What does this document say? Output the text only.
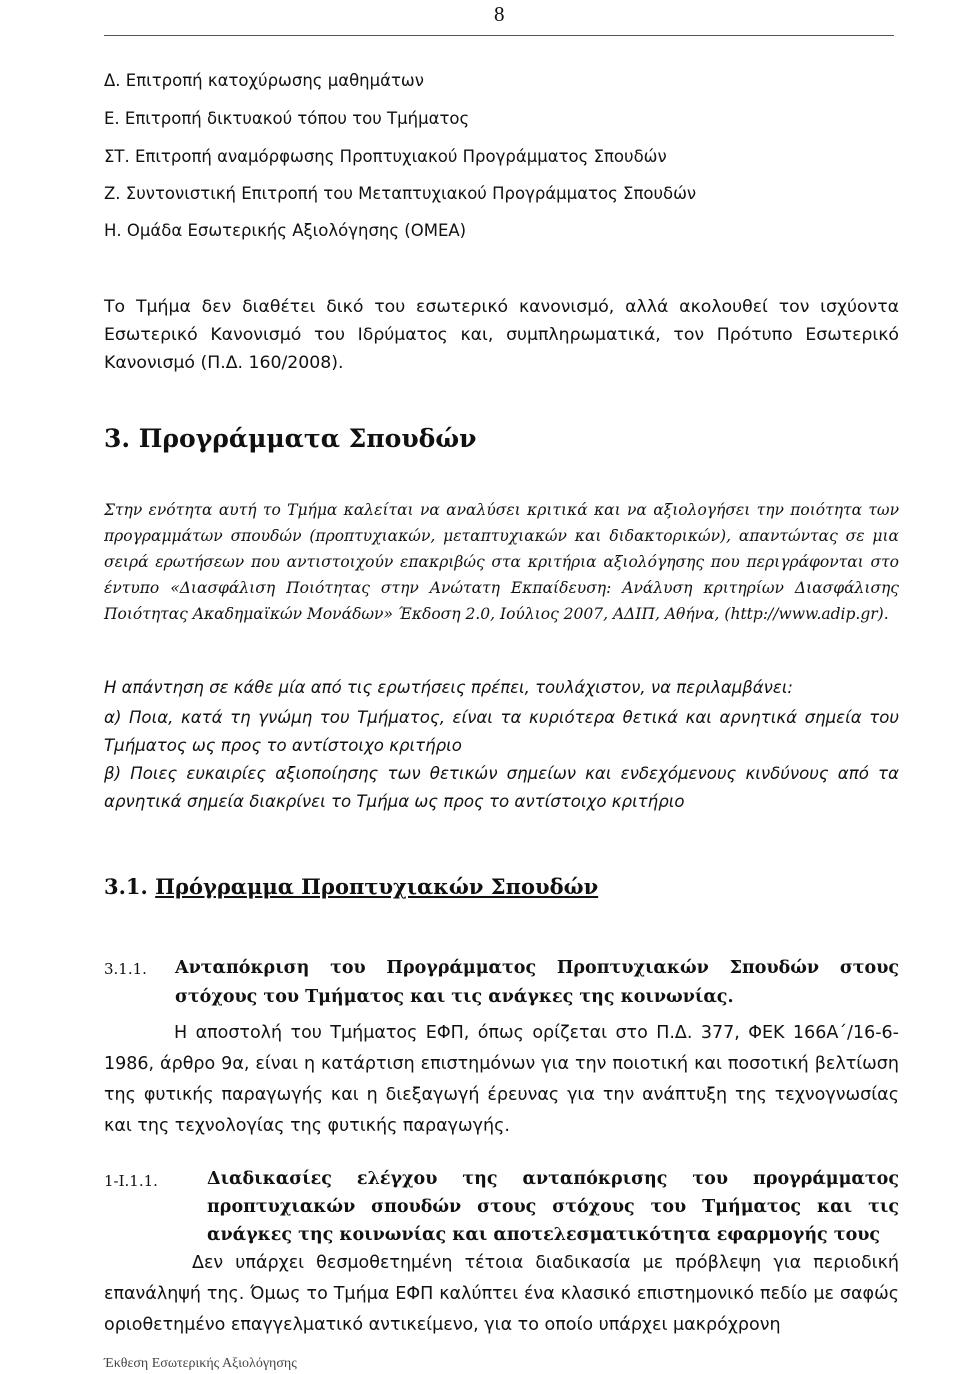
8
Δ. Επιτροπή κατοχύρωσης μαθημάτων
Ε. Επιτροπή δικτυακού τόπου του Τμήματος
ΣΤ. Επιτροπή αναμόρφωσης Προπτυχιακού Προγράμματος Σπουδών
Ζ. Συντονιστική Επιτροπή του Μεταπτυχιακού Προγράμματος Σπουδών
Η. Ομάδα Εσωτερικής Αξιολόγησης (ΟΜΕΑ)
Το Τμήμα δεν διαθέτει δικό του εσωτερικό κανονισμό, αλλά ακολουθεί τον ισχύοντα Εσωτερικό Κανονισμό του Ιδρύματος και, συμπληρωματικά, τον Πρότυπο Εσωτερικό Κανονισμό (Π.Δ. 160/2008).
3. Προγράμματα Σπουδών
Στην ενότητα αυτή το Τμήμα καλείται να αναλύσει κριτικά και να αξιολογήσει την ποιότητα των προγραμμάτων σπουδών (προπτυχιακών, μεταπτυχιακών και διδακτορικών), απαντώντας σε μια σειρά ερωτήσεων που αντιστοιχούν επακριβώς στα κριτήρια αξιολόγησης που περιγράφονται στο έντυπο «Διασφάλιση Ποιότητας στην Ανώτατη Εκπαίδευση: Ανάλυση κριτηρίων Διασφάλισης Ποιότητας Ακαδημαϊκών Μονάδων» Έκδοση 2.0, Ιούλιος 2007, ΑΔΙΠ, Αθήνα, (http://www.adip.gr).
Η απάντηση σε κάθε μία από τις ερωτήσεις πρέπει, τουλάχιστον, να περιλαμβάνει:
α) Ποια, κατά τη γνώμη του Τμήματος, είναι τα κυριότερα θετικά και αρνητικά σημεία του Τμήματος ως προς το αντίστοιχο κριτήριο
β) Ποιες ευκαιρίες αξιοποίησης των θετικών σημείων και ενδεχόμενους κινδύνους από τα αρνητικά σημεία διακρίνει το Τμήμα ως προς το αντίστοιχο κριτήριο
3.1. Πρόγραμμα Προπτυχιακών Σπουδών
3.1.1. Ανταπόκριση του Προγράμματος Προπτυχιακών Σπουδών στους στόχους του Τμήματος και τις ανάγκες της κοινωνίας.
Η αποστολή του Τμήματος ΕΦΠ, όπως ορίζεται στο Π.Δ. 377, ΦΕΚ 166Α΄/16-6-1986, άρθρο 9α, είναι η κατάρτιση επιστημόνων για την ποιοτική και ποσοτική βελτίωση της φυτικής παραγωγής και η διεξαγωγή έρευνας για την ανάπτυξη της τεχνογνωσίας και της τεχνολογίας της φυτικής παραγωγής.
1-I.1.1.	Διαδικασίες ελέγχου της ανταπόκρισης του προγράμματος προπτυχιακών σπουδών στους στόχους του Τμήματος και τις ανάγκες της κοινωνίας και αποτελεσματικότητα εφαρμογής τους
Δεν υπάρχει θεσμοθετημένη τέτοια διαδικασία με πρόβλεψη για περιοδική επανάληψή της. Όμως το Τμήμα ΕΦΠ καλύπτει ένα κλασικό επιστημονικό πεδίο με σαφώς οριοθετημένο επαγγελματικό αντικείμενο, για το οποίο υπάρχει μακρόχρονη
Έκθεση Εσωτερικής Αξιολόγησης
